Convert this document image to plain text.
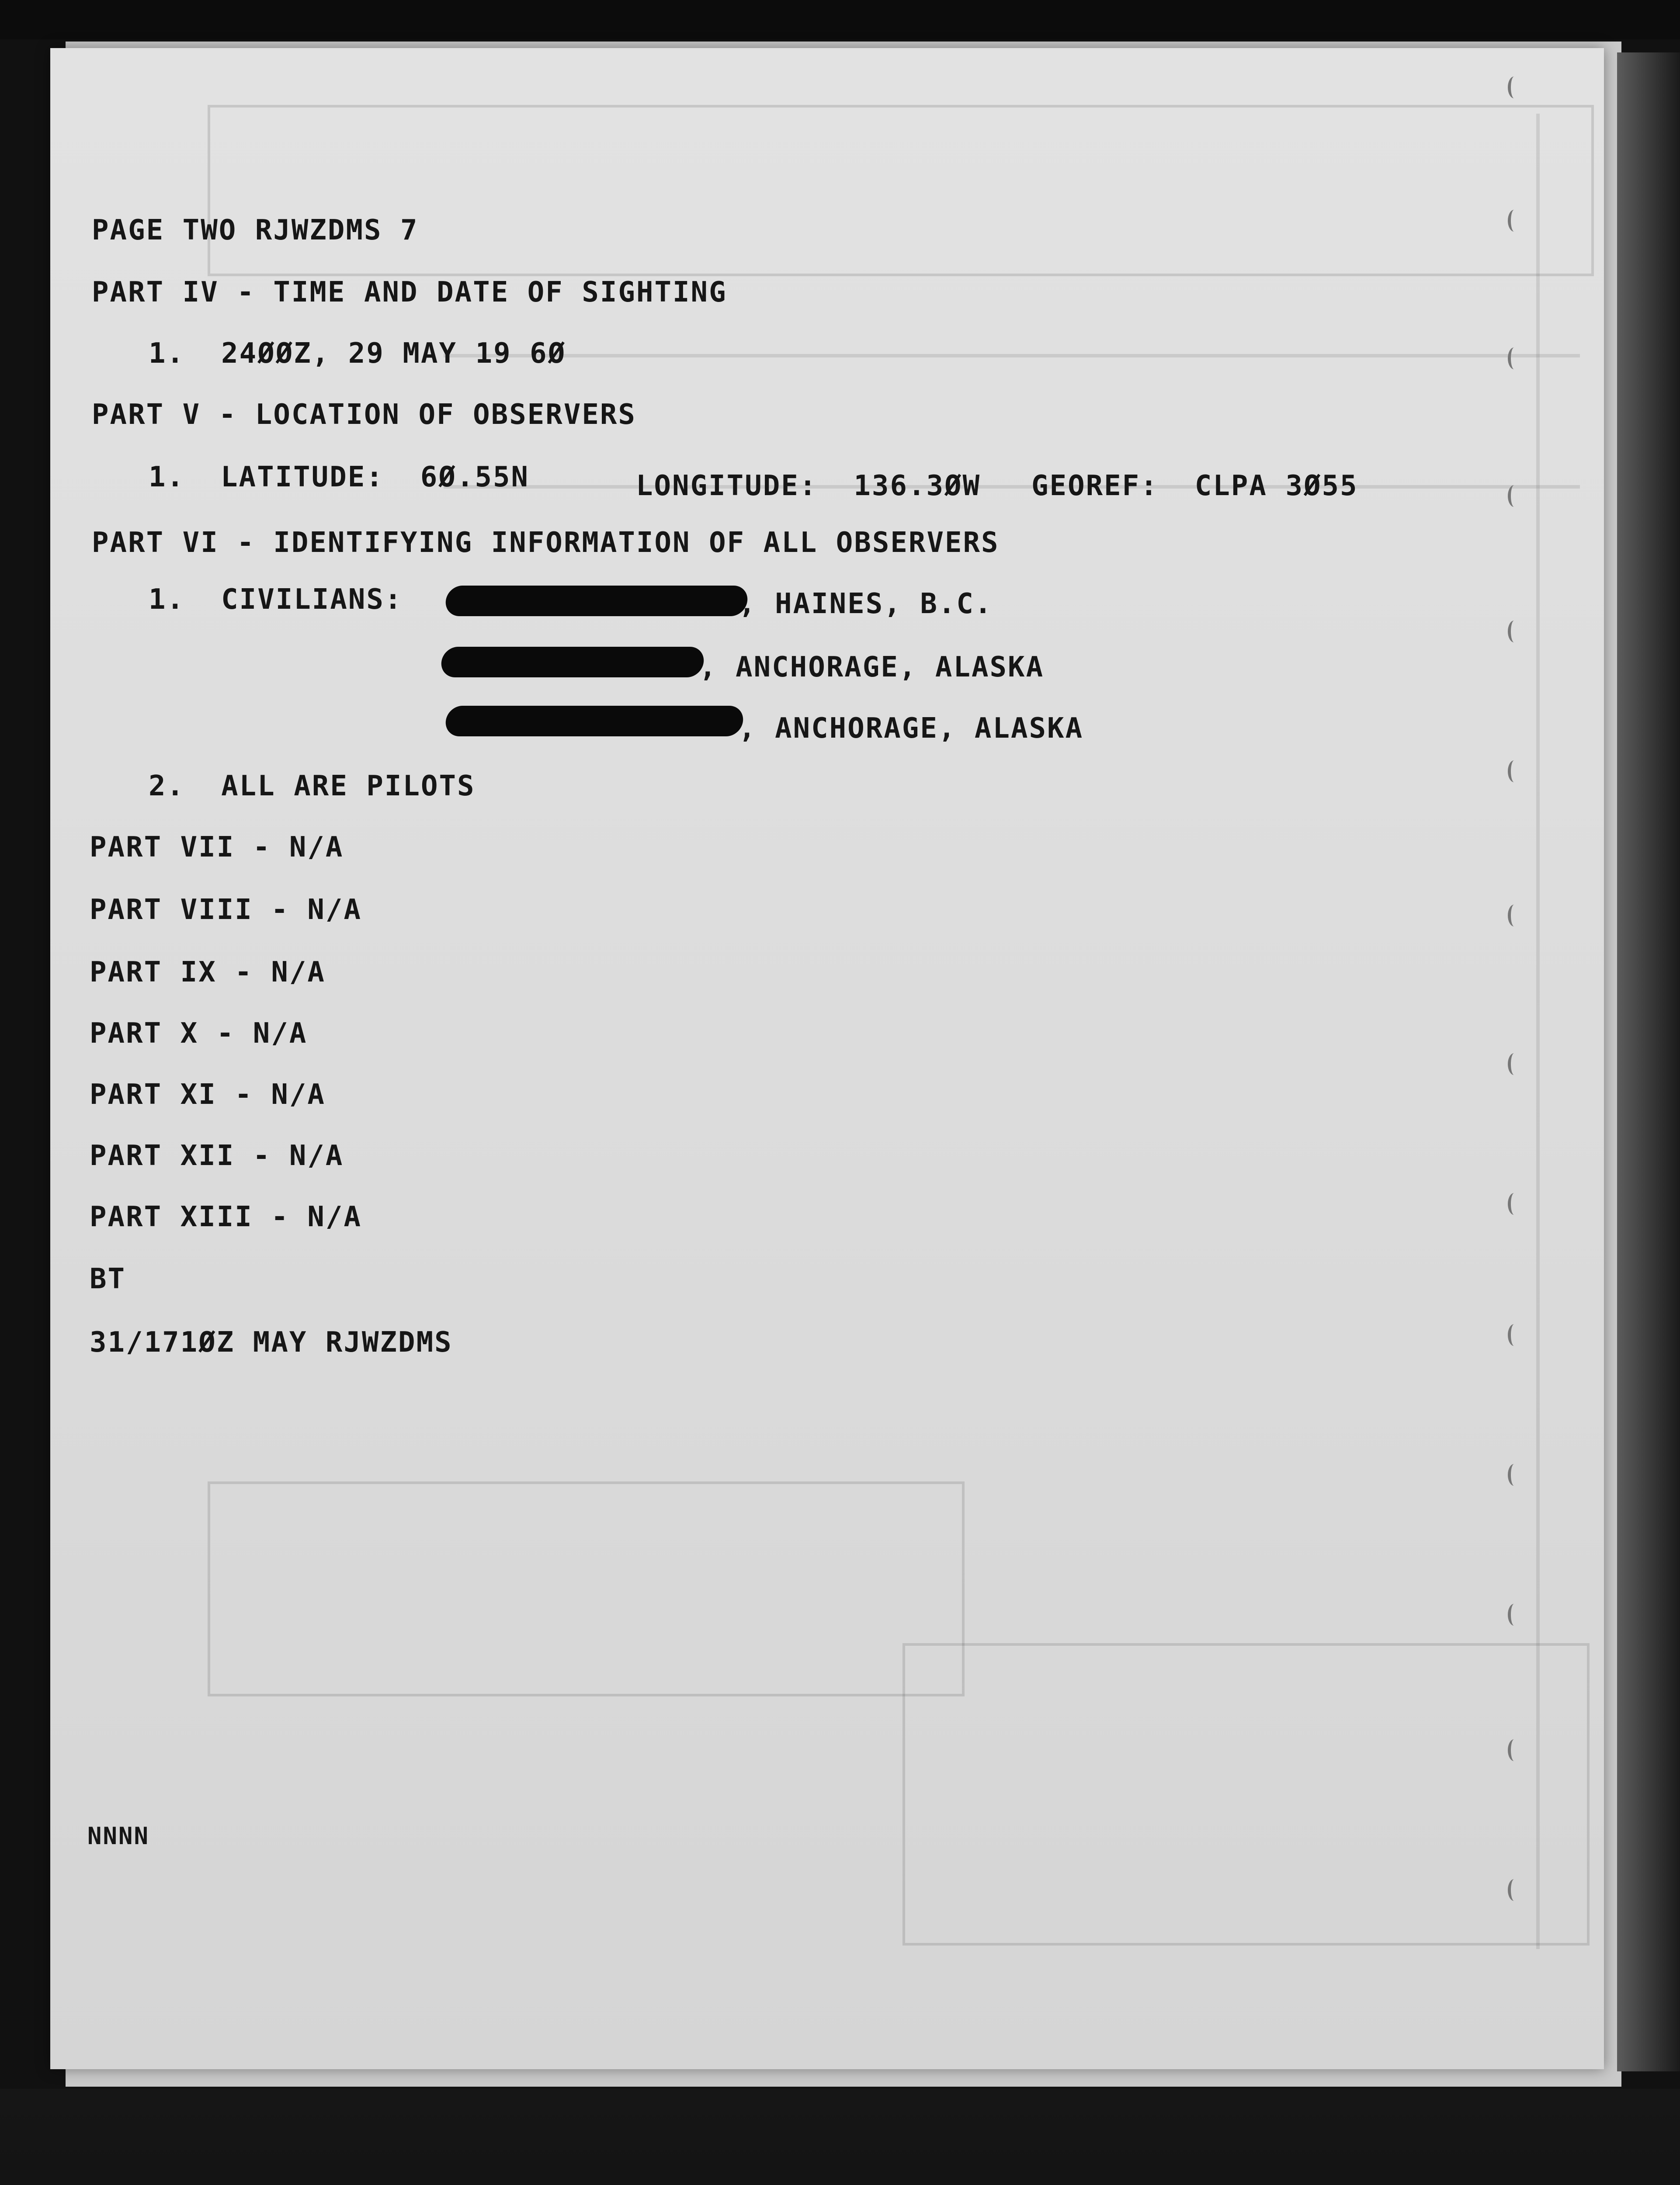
PAGE TWO RJWZDMS 7
PART IV - TIME AND DATE OF SIGHTING
1.  24ØØZ, 29 MAY 19 6Ø
PART V - LOCATION OF OBSERVERS
1. LATITUDE:  6Ø.55N	LONGITUDE:  136.3ØW GEOREF:  CLPA 3Ø55
PART VI - IDENTIFYING INFORMATION OF ALL OBSERVERS
1.  CIVILIANS:	, HAINES, B.C.
, ANCHORAGE, ALASKA
, ANCHORAGE, ALASKA
2.  ALL ARE PILOTS
PART VII - N/A
PART VIII - N/A
PART IX - N/A
PART X - N/A
PART XI - N/A
PART XII - N/A
PART XIII - N/A
BT
31/171ØZ MAY RJWZDMS
NNNN
